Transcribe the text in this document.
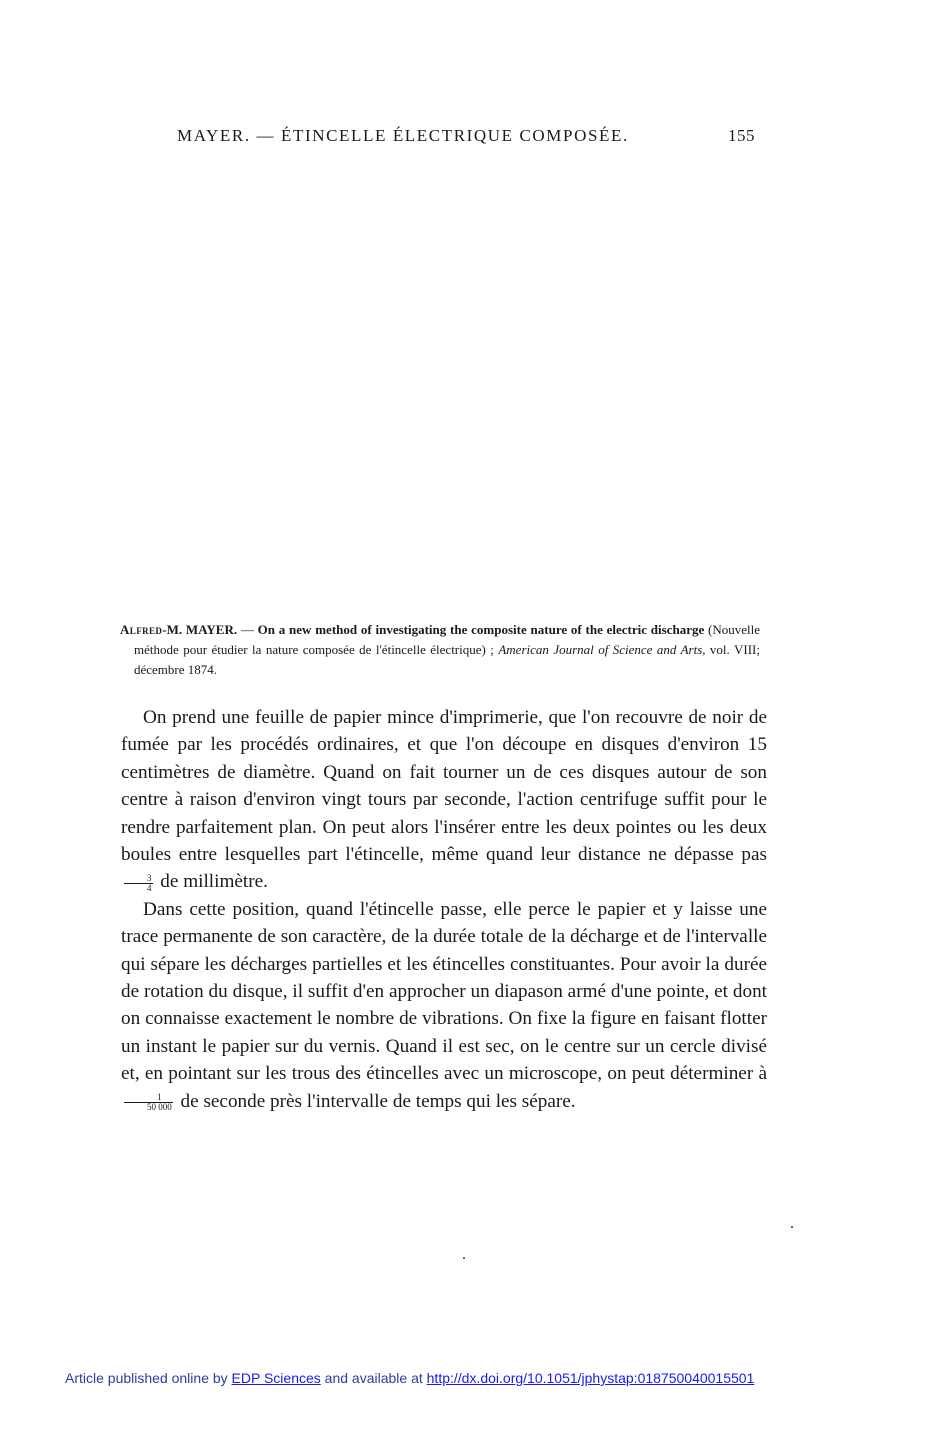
MAYER. — ÉTINCELLE ÉLECTRIQUE COMPOSÉE.	155

Alfred-M. MAYER. — On a new method of investigating the composite nature of the electric discharge (Nouvelle méthode pour étudier la nature composée de l'étincelle électrique) ; American Journal of Science and Arts, vol. VIII; décembre 1874.

On prend une feuille de papier mince d'imprimerie, que l'on recouvre de noir de fumée par les procédés ordinaires, et que l'on découpe en disques d'environ 15 centimètres de diamètre. Quand on fait tourner un de ces disques autour de son centre à raison d'environ vingt tours par seconde, l'action centrifuge suffit pour le rendre parfaitement plan. On peut alors l'insérer entre les deux pointes ou les deux boules entre lesquelles part l'étincelle, même quand leur distance ne dépasse pas
$\frac{3}{4}$ de millimètre.

Dans cette position, quand l'étincelle passe, elle perce le papier et y laisse une trace permanente de son caractère, de la durée totale de la décharge et de l'intervalle qui sépare les décharges partielles et les étincelles constituantes. Pour avoir la durée de rotation du disque, il suffit d'en approcher un diapason armé d'une pointe, et dont on connaisse exactement le nombre de vibrations. On fixe la figure en faisant flotter un instant le papier sur du vernis. Quand il est sec, on le centre sur un cercle divisé et, en pointant sur les trous des étincelles avec un microscope, on peut déterminer à
$\frac{1}{50 000}$ de seconde près l'intervalle de temps qui les sépare.

Article published online by EDP Sciences and available at http://dx.doi.org/10.1051/jphystap:018750040015501
